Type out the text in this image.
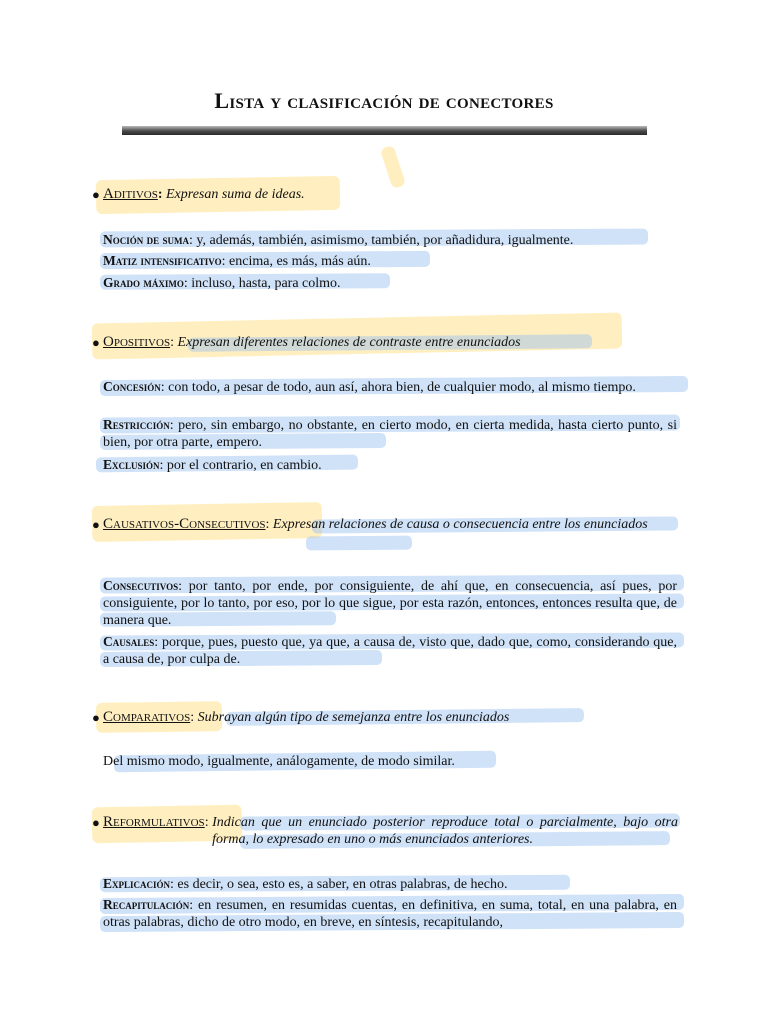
Lista y clasificación de conectores
● Aditivos: Expresan suma de ideas.
Noción de suma: y, además, también, asimismo, también, por añadidura, igualmente.
Matiz intensificativo: encima, es más, más aún.
Grado máximo: incluso, hasta, para colmo.
● Opositivos: Expresan diferentes relaciones de contraste entre enunciados
Concesión: con todo, a pesar de todo, aun así, ahora bien, de cualquier modo, al mismo tiempo.
Restricción: pero, sin embargo, no obstante, en cierto modo, en cierta medida, hasta cierto punto, si bien, por otra parte, empero.
Exclusión: por el contrario, en cambio.
● Causativos-Consecutivos: Expresan relaciones de causa o consecuencia entre los enunciados
Consecutivos: por tanto, por ende, por consiguiente, de ahí que, en consecuencia, así pues, por consiguiente, por lo tanto, por eso, por lo que sigue, por esta razón, entonces, entonces resulta que, de manera que.
Causales: porque, pues, puesto que, ya que, a causa de, visto que, dado que, como, considerando que, a causa de, por culpa de.
● Comparativos: Subrayan algún tipo de semejanza entre los enunciados
Del mismo modo, igualmente, análogamente, de modo similar.
● Reformulativos: Indican que un enunciado posterior reproduce total o parcialmente, bajo otra forma, lo expresado en uno o más enunciados anteriores.
Explicación: es decir, o sea, esto es, a saber, en otras palabras, de hecho.
Recapitulación: en resumen, en resumidas cuentas, en definitiva, en suma, total, en una palabra, en otras palabras, dicho de otro modo, en breve, en síntesis, recapitulando,
